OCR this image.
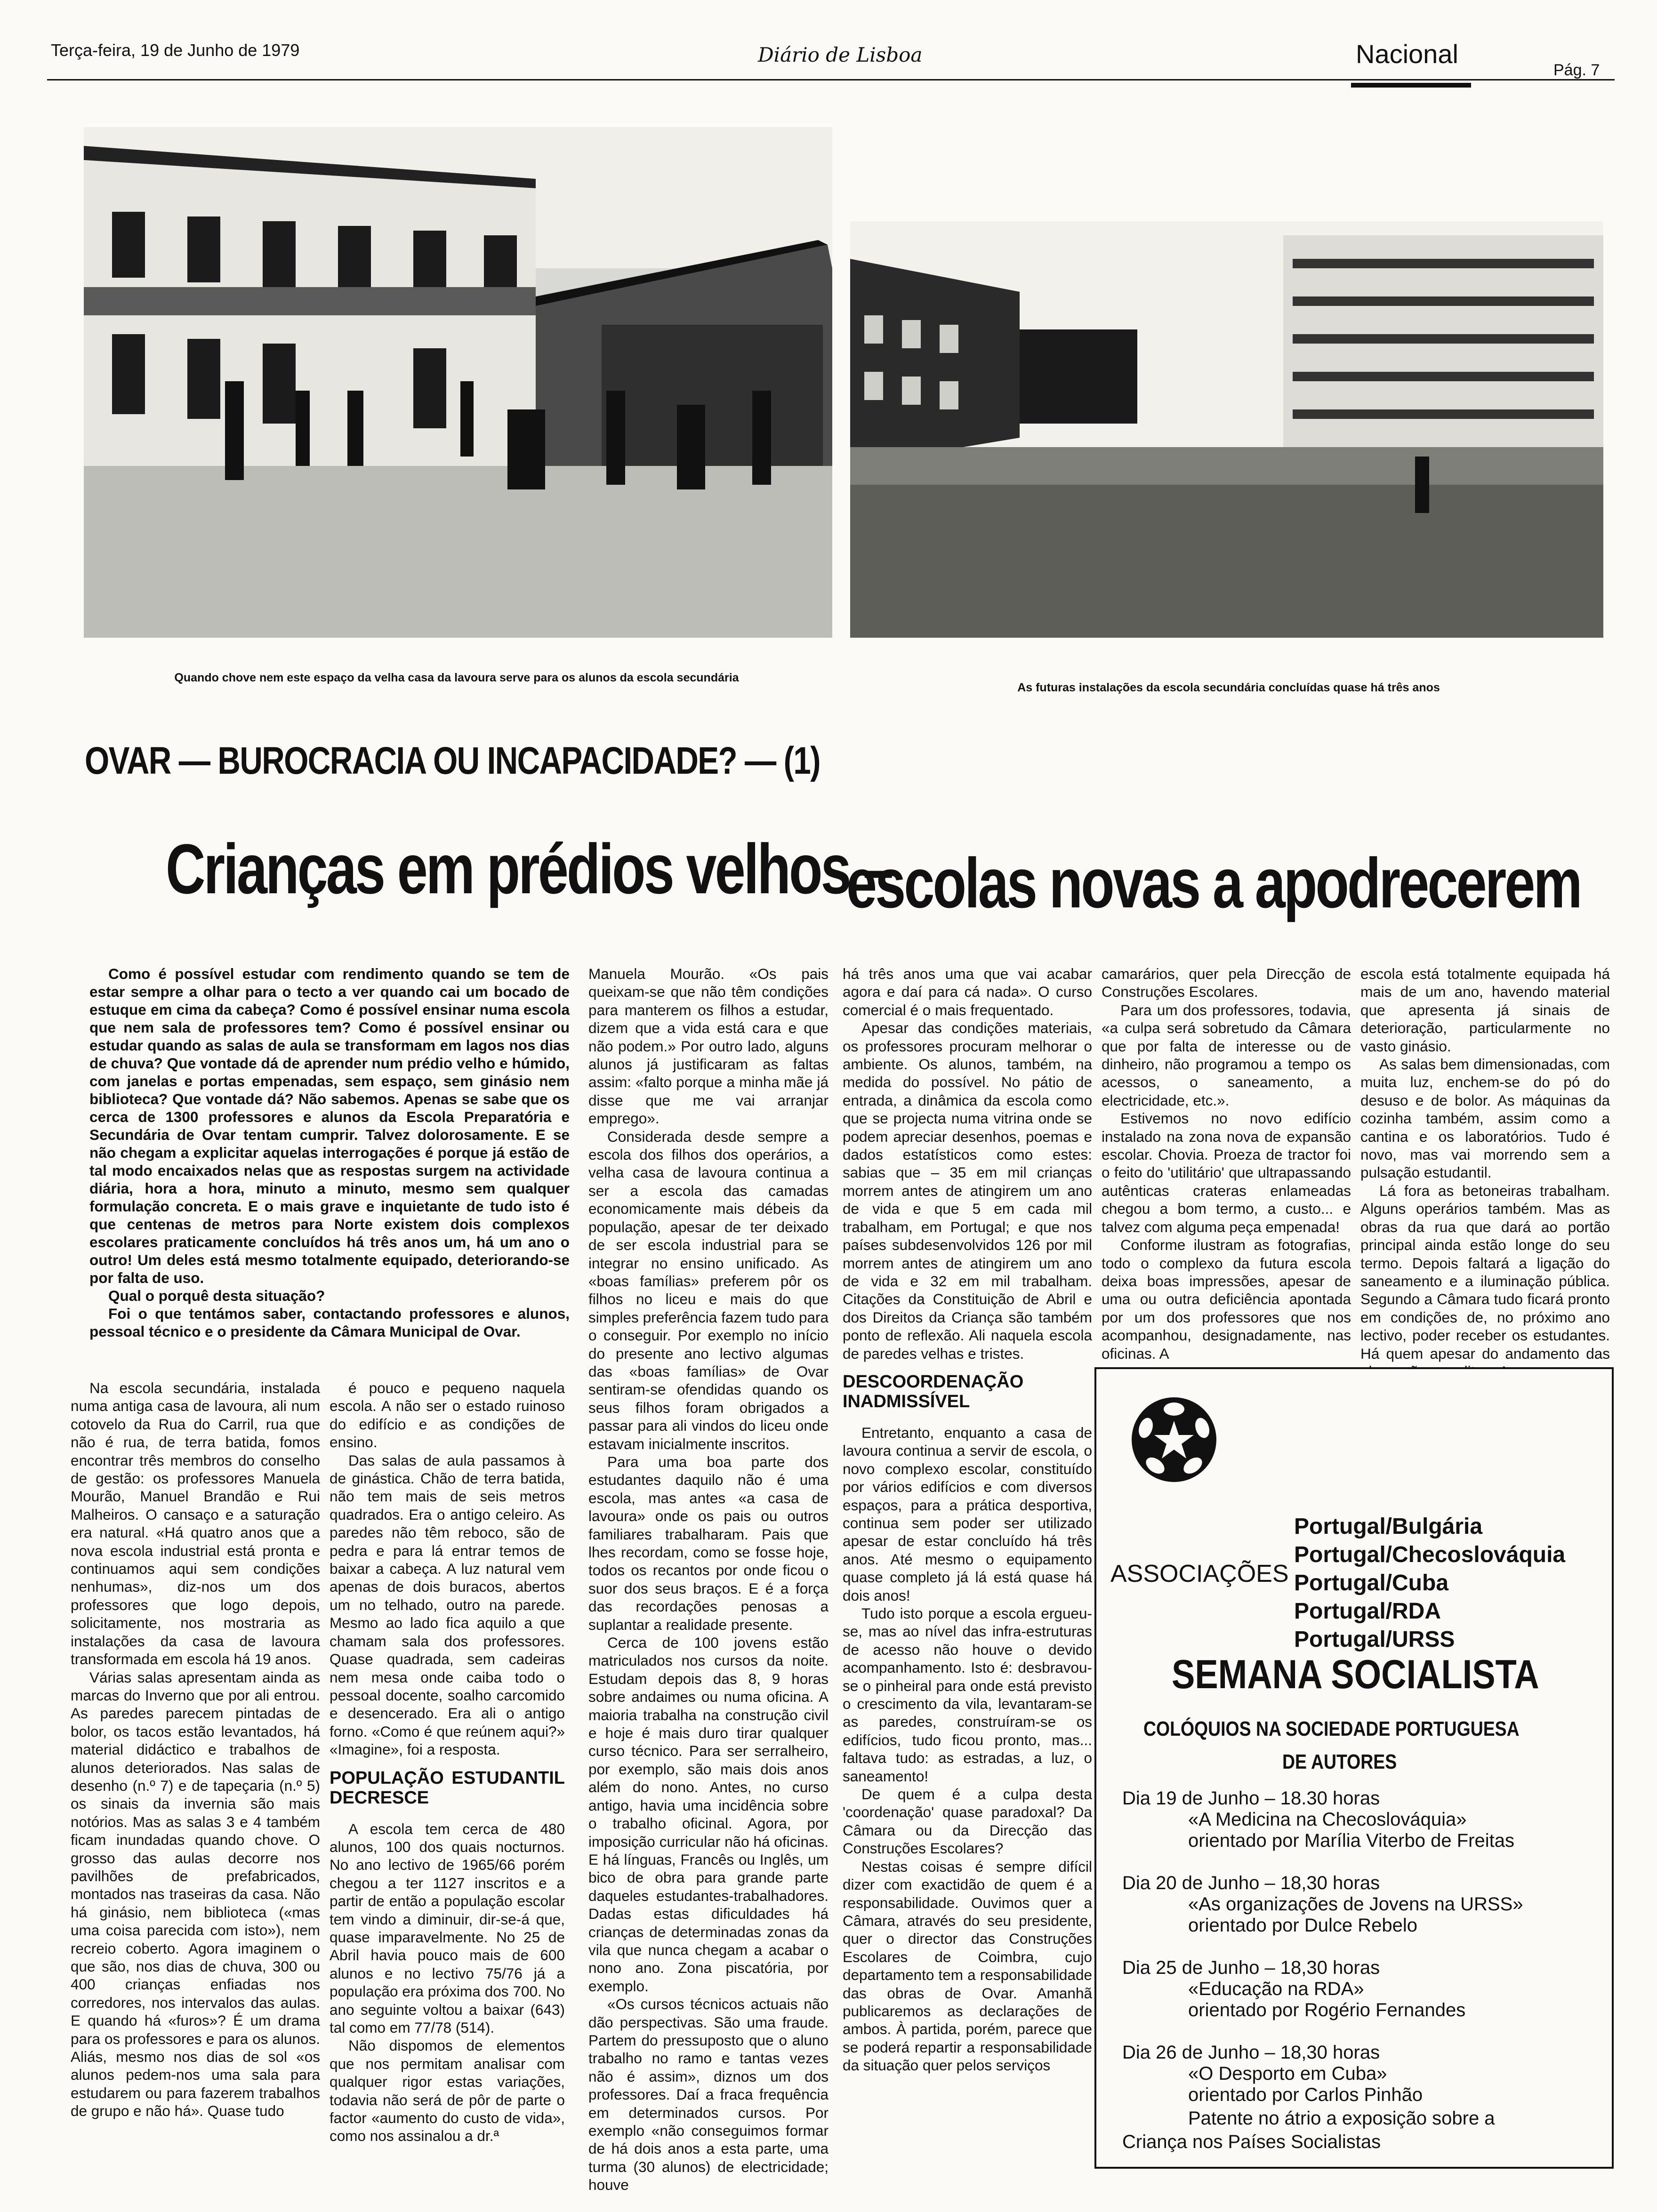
Terça-feira, 19 de Junho de 1979	Diário de Lisboa	Nacional
Pág. 7
Quando chove nem este espaço da velha casa da lavoura serve para os alunos da escola secundária
As futuras instalações da escola secundária concluídas quase há três anos
OVAR — BUROCRACIA OU INCAPACIDADE? — (1)
Crianças em prédios velhos –
escolas novas a apodrecerem

Como é possível estudar com rendimento quando se tem de estar sempre a olhar para o tecto a ver quando cai um bocado de estuque em cima da cabeça? Como é possível ensinar numa escola que nem sala de professores tem? Como é possível ensinar ou estudar quando as salas de aula se transformam em lagos nos dias de chuva? Que vontade dá de aprender num prédio velho e húmido, com janelas e portas empenadas, sem espaço, sem ginásio nem biblioteca? Que vontade dá? Não sabemos. Apenas se sabe que os cerca de 1300 professores e alunos da Escola Preparatória e Secundária de Ovar tentam cumprir. Talvez dolorosamente. E se não chegam a explicitar aquelas interrogações é porque já estão de tal modo encaixados nelas que as respostas surgem na actividade diária, hora a hora, minuto a minuto, mesmo sem qualquer formulação concreta. E o mais grave e inquietante de tudo isto é que centenas de metros para Norte existem dois complexos escolares praticamente concluídos há três anos um, há um ano o outro! Um deles está mesmo totalmente equipado, deteriorando-se por falta de uso.

Qual o porquê desta situação?

Foi o que tentámos saber, contactando professores e alunos, pessoal técnico e o presidente da Câmara Municipal de Ovar.

Na escola secundária, instalada numa antiga casa de lavoura, ali num cotovelo da Rua do Carril, rua que não é rua, de terra batida, fomos encontrar três membros do conselho de gestão: os professores Manuela Mourão, Manuel Brandão e Rui Malheiros. O cansaço e a saturação era natural. «Há quatro anos que a nova escola industrial está pronta e continuamos aqui sem condições nenhumas», diz-nos um dos professores que logo depois, solicitamente, nos mostraria as instalações da casa de lavoura transformada em escola há 19 anos.

Várias salas apresentam ainda as marcas do Inverno que por ali entrou. As paredes parecem pintadas de bolor, os tacos estão levantados, há material didáctico e trabalhos de alunos deteriorados. Nas salas de desenho (n.º 7) e de tapeçaria (n.º 5) os sinais da invernia são mais notórios. Mas as salas 3 e 4 também ficam inundadas quando chove. O grosso das aulas decorre nos pavilhões de prefabricados, montados nas traseiras da casa. Não há ginásio, nem biblioteca («mas uma coisa parecida com isto»), nem recreio coberto. Agora imaginem o que são, nos dias de chuva, 300 ou 400 crianças enfiadas nos corredores, nos intervalos das aulas. E quando há «furos»? É um drama para os professores e para os alunos. Aliás, mesmo nos dias de sol «os alunos pedem-nos uma sala para estudarem ou para fazerem trabalhos de grupo e não há». Quase tudo

é pouco e pequeno naquela escola. A não ser o estado ruinoso do edifício e as condições de ensino.

Das salas de aula passamos à de ginástica. Chão de terra batida, não tem mais de seis metros quadrados. Era o antigo celeiro. As paredes não têm reboco, são de pedra e para lá entrar temos de baixar a cabeça. A luz natural vem apenas de dois buracos, abertos um no telhado, outro na parede. Mesmo ao lado fica aquilo a que chamam sala dos professores. Quase quadrada, sem cadeiras nem mesa onde caiba todo o pessoal docente, soalho carcomido e desencerado. Era ali o antigo forno. «Como é que reúnem aqui?» «Imagine», foi a resposta.

POPULAÇÃO ESTUDANTIL DECRESCE

A escola tem cerca de 480 alunos, 100 dos quais nocturnos. No ano lectivo de 1965/66 porém chegou a ter 1127 inscritos e a partir de então a população escolar tem vindo a diminuir, dir-se-á que, quase imparavelmente. No 25 de Abril havia pouco mais de 600 alunos e no lectivo 75/76 já a população era próxima dos 700. No ano seguinte voltou a baixar (643) tal como em 77/78 (514).

Não dispomos de elementos que nos permitam analisar com qualquer rigor estas variações, todavia não será de pôr de parte o factor «aumento do custo de vida», como nos assinalou a dr.ª

Manuela Mourão. «Os pais queixam-se que não têm condições para manterem os filhos a estudar, dizem que a vida está cara e que não podem.» Por outro lado, alguns alunos já justificaram as faltas assim: «falto porque a minha mãe já disse que me vai arranjar emprego».

Considerada desde sempre a escola dos filhos dos operários, a velha casa de lavoura continua a ser a escola das camadas economicamente mais débeis da população, apesar de ter deixado de ser escola industrial para se integrar no ensino unificado. As «boas famílias» preferem pôr os filhos no liceu e mais do que simples preferência fazem tudo para o conseguir. Por exemplo no início do presente ano lectivo algumas das «boas famílias» de Ovar sentiram-se ofendidas quando os seus filhos foram obrigados a passar para ali vindos do liceu onde estavam inicialmente inscritos.

Para uma boa parte dos estudantes daquilo não é uma escola, mas antes «a casa de lavoura» onde os pais ou outros familiares trabalharam. Pais que lhes recordam, como se fosse hoje, todos os recantos por onde ficou o suor dos seus braços. E é a força das recordações penosas a suplantar a realidade presente.

Cerca de 100 jovens estão matriculados nos cursos da noite. Estudam depois das 8, 9 horas sobre andaimes ou numa oficina. A maioria trabalha na construção civil e hoje é mais duro tirar qualquer curso técnico. Para ser serralheiro, por exemplo, são mais dois anos além do nono. Antes, no curso antigo, havia uma incidência sobre o trabalho oficinal. Agora, por imposição curricular não há oficinas. E há línguas, Francês ou Inglês, um bico de obra para grande parte daqueles estudantes-trabalhadores. Dadas estas dificuldades há crianças de determinadas zonas da vila que nunca chegam a acabar o nono ano. Zona piscatória, por exemplo.

«Os cursos técnicos actuais não dão perspectivas. São uma fraude. Partem do pressuposto que o aluno trabalho no ramo e tantas vezes não é assim», diznos um dos professores. Daí a fraca frequência em determinados cursos. Por exemplo «não conseguimos formar de há dois anos a esta parte, uma turma (30 alunos) de electricidade; houve

há três anos uma que vai acabar agora e daí para cá nada». O curso comercial é o mais frequentado.

Apesar das condições materiais, os professores procuram melhorar o ambiente. Os alunos, também, na medida do possível. No pátio de entrada, a dinâmica da escola como que se projecta numa vitrina onde se podem apreciar desenhos, poemas e dados estatísticos como estes: sabias que – 35 em mil crianças morrem antes de atingirem um ano de vida e que 5 em cada mil trabalham, em Portugal; e que nos países subdesenvolvidos 126 por mil morrem antes de atingirem um ano de vida e 32 em mil trabalham. Citações da Constituição de Abril e dos Direitos da Criança são também ponto de reflexão. Ali naquela escola de paredes velhas e tristes.

DESCOORDENAÇÃO INADMISSÍVEL

Entretanto, enquanto a casa de lavoura continua a servir de escola, o novo complexo escolar, constituído por vários edifícios e com diversos espaços, para a prática desportiva, continua sem poder ser utilizado apesar de estar concluído há três anos. Até mesmo o equipamento quase completo já lá está quase há dois anos!

Tudo isto porque a escola ergueu-se, mas ao nível das infra-estruturas de acesso não houve o devido acompanhamento. Isto é: desbravou-se o pinheiral para onde está previsto o crescimento da vila, levantaram-se as paredes, construíram-se os edifícios, tudo ficou pronto, mas... faltava tudo: as estradas, a luz, o saneamento!

De quem é a culpa desta 'coordenação' quase paradoxal? Da Câmara ou da Direcção das Construções Escolares?

Nestas coisas é sempre difícil dizer com exactidão de quem é a responsabilidade. Ouvimos quer a Câmara, através do seu presidente, quer o director das Construções Escolares de Coimbra, cujo departamento tem a responsabilidade das obras de Ovar. Amanhã publicaremos as declarações de ambos. À partida, porém, parece que se poderá repartir a responsabilidade da situação quer pelos serviços

camarários, quer pela Direcção de Construções Escolares.

Para um dos professores, todavia, «a culpa será sobretudo da Câmara que por falta de interesse ou de dinheiro, não programou a tempo os acessos, o saneamento, a electricidade, etc.».

Estivemos no novo edifício instalado na zona nova de expansão escolar. Chovia. Proeza de tractor foi o feito do 'utilitário' que ultrapassando autênticas crateras enlameadas chegou a bom termo, a custo... e talvez com alguma peça empenada!

Conforme ilustram as fotografias, todo o complexo da futura escola deixa boas impressões, apesar de uma ou outra deficiência apontada por um dos professores que nos acompanhou, designadamente, nas oficinas. A

escola está totalmente equipada há mais de um ano, havendo material que apresenta já sinais de deterioração, particularmente no vasto ginásio.

As salas bem dimensionadas, com muita luz, enchem-se do pó do desuso e de bolor. As máquinas da cozinha também, assim como a cantina e os laboratórios. Tudo é novo, mas vai morrendo sem a pulsação estudantil.

Lá fora as betoneiras trabalham. Alguns operários também. Mas as obras da rua que dará ao portão principal ainda estão longe do seu termo. Depois faltará a ligação do saneamento e a iluminação pública. Segundo a Câmara tudo ficará pronto em condições de, no próximo ano lectivo, poder receber os estudantes. Há quem apesar do andamento das

ASSOCIAÇÕES
Portugal/Bulgária
Portugal/Checoslováquia
Portugal/Cuba
Portugal/RDA
Portugal/URSS
SEMANA SOCIALISTA
COLÓQUIOS NA SOCIEDADE PORTUGUESA
DE AUTORES
Dia 19 de Junho – 18.30 horas
«A Medicina na Checoslováquia»
orientado por Marília Viterbo de Freitas
Dia 20 de Junho – 18,30 horas
«As organizações de Jovens na URSS»
orientado por Dulce Rebelo
Dia 25 de Junho – 18,30 horas
«Educação na RDA»
orientado por Rogério Fernandes
Dia 26 de Junho – 18,30 horas
«O Desporto em Cuba»
orientado por Carlos Pinhão
Patente no átrio a exposição sobre a
Criança nos Países Socialistas
